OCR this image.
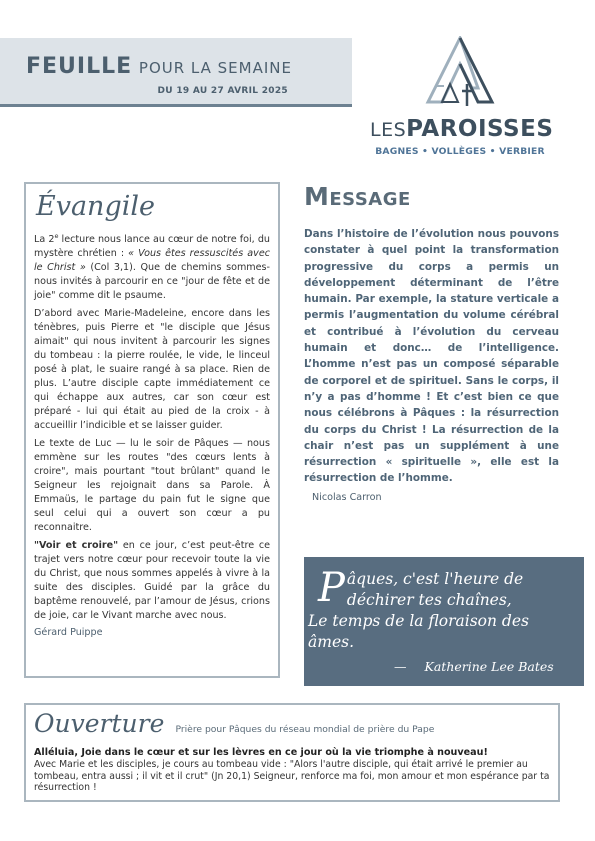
FEUILLE POUR LA SEMAINE
DU 19 AU 27 AVRIL 2025
LESPAROISSES
BAGNES • VOLLÈGES • VERBIER
Évangile

La 2e lecture nous lance au cœur de notre foi, du mystère chrétien : « Vous êtes ressuscités avec le Christ » (Col 3,1). Que de chemins sommes-nous invités à parcourir en ce "jour de fête et de joie" comme dit le psaume.

D’abord avec Marie-Madeleine, encore dans les ténèbres, puis Pierre et "le disciple que Jésus aimait" qui nous invitent à parcourir les signes du tombeau : la pierre roulée, le vide, le linceul posé à plat, le suaire rangé à sa place. Rien de plus. L’autre disciple capte immédiatement ce qui échappe aux autres, car son cœur est préparé - lui qui était au pied de la croix - à accueillir l’indicible et se laisser guider.

Le texte de Luc — lu le soir de Pâques — nous emmène sur les routes "des cœurs lents à croire", mais pourtant "tout brûlant" quand le Seigneur les rejoignait dans sa Parole. À Emmaüs, le partage du pain fut le signe que seul celui qui a ouvert son cœur a pu reconnaitre.

"Voir et croire" en ce jour, c’est peut-être ce trajet vers notre cœur pour recevoir toute la vie du Christ, que nous sommes appelés à vivre à la suite des disciples. Guidé par la grâce du baptême renouvelé, par l’amour de Jésus, crions de joie, car le Vivant marche avec nous.

Gérard Puippe
Message

Dans l’histoire de l’évolution nous pouvons constater à quel point la transformation progressive du corps a permis un développement déterminant de l’être humain. Par exemple, la stature verticale a permis l’augmentation du volume cérébral et contribué à l’évolution du cerveau humain et donc… de l’intelligence. L’homme n’est pas un composé séparable de corporel et de spirituel. Sans le corps, il n’y a pas d’homme ! Et c’est bien ce que nous célébrons à Pâques : la résurrection du corps du Christ ! La résurrection de la chair n’est pas un supplément à une résurrection « spirituelle », elle est la résurrection de l’homme.

Nicolas Carron
P âques, c'est l'heure de
déchirer tes chaînes,
Le temps de la floraison des âmes.
— Katherine Lee Bates
Ouverture Prière pour Pâques du réseau mondial de prière du Pape
Alléluia, Joie dans le cœur et sur les lèvres en ce jour où la vie triomphe à nouveau!

Avec Marie et les disciples, je cours au tombeau vide : "Alors l'autre disciple, qui était arrivé le premier au tombeau, entra aussi ; il vit et il crut" (Jn 20,1) Seigneur, renforce ma foi, mon amour et mon espérance par ta résurrection !
